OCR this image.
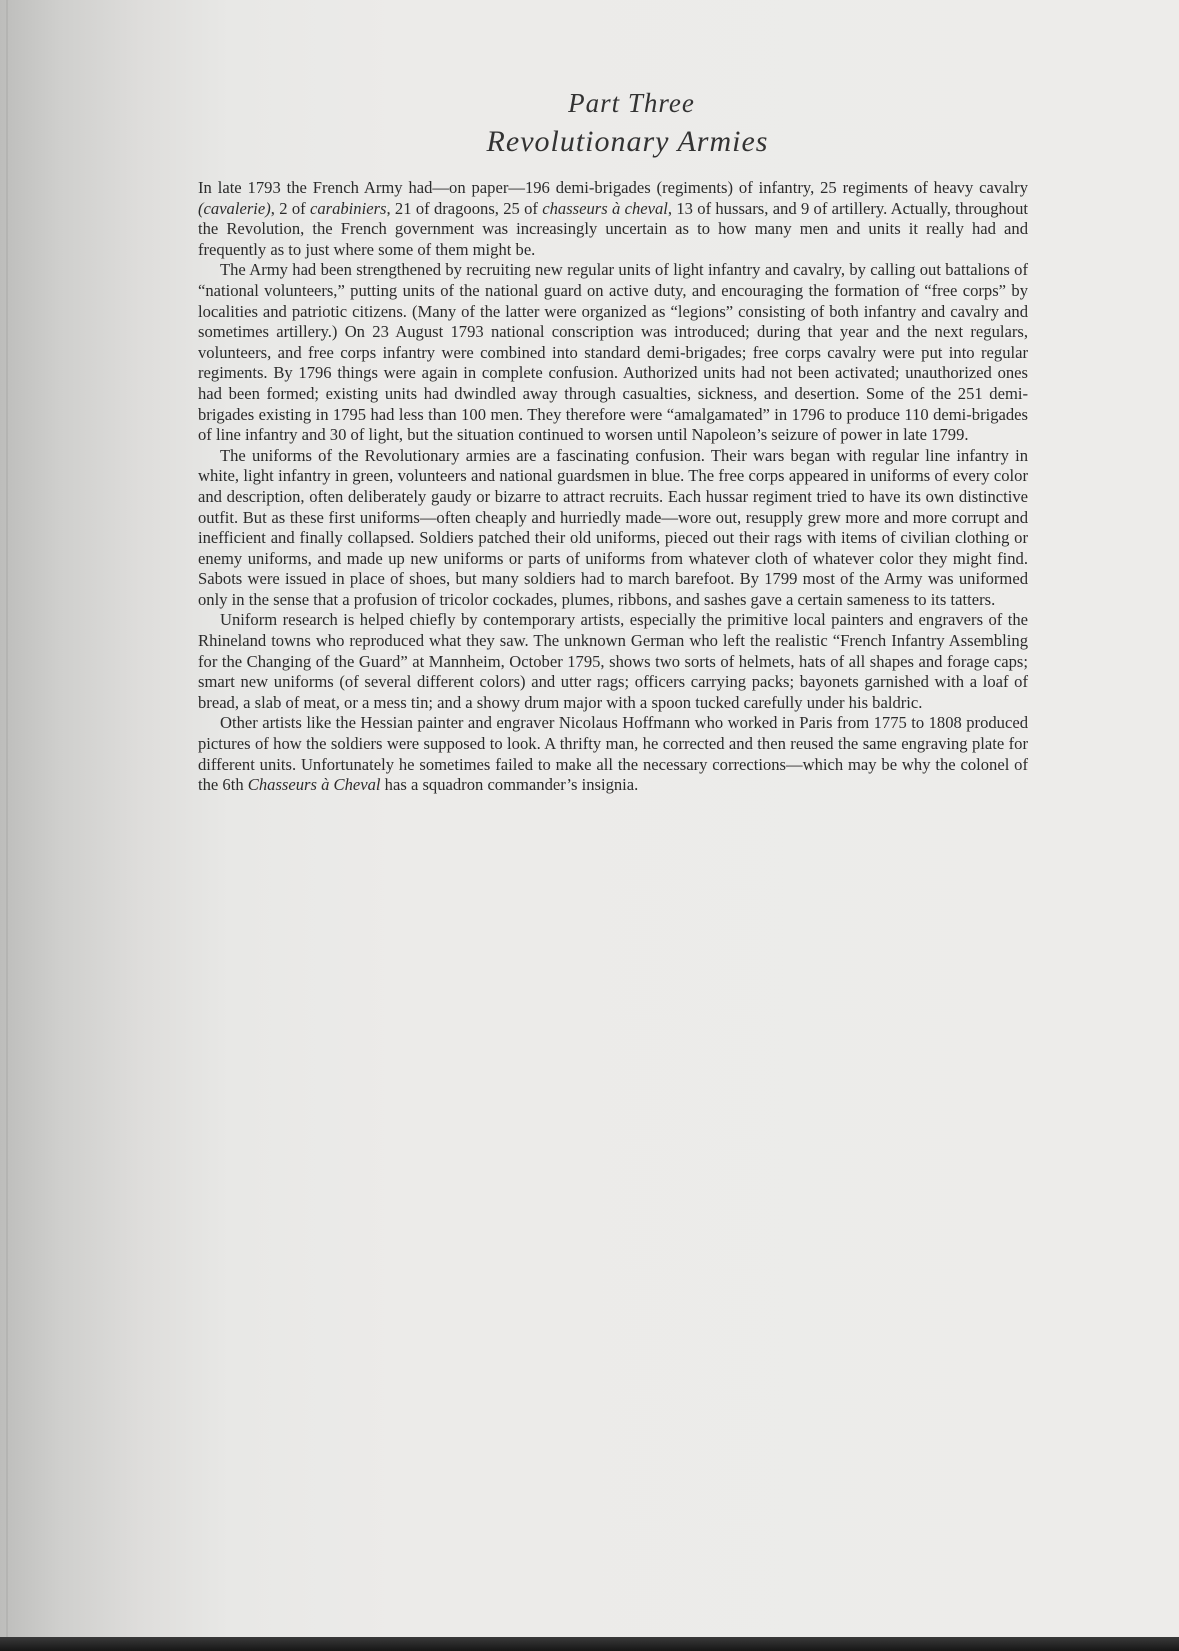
Part Three
Revolutionary Armies

In late 1793 the French Army had—on paper—196 demi-brigades (regiments) of infantry, 25 regiments of heavy cavalry (cavalerie), 2 of carabiniers, 21 of dragoons, 25 of chasseurs à cheval, 13 of hussars, and 9 of artillery. Actually, throughout the Revolution, the French government was increasingly uncertain as to how many men and units it really had and frequently as to just where some of them might be.

The Army had been strengthened by recruiting new regular units of light infantry and cavalry, by calling out battalions of “national volunteers,” putting units of the national guard on active duty, and encouraging the formation of “free corps” by localities and patriotic citizens. (Many of the latter were organized as “legions” consisting of both infantry and cavalry and sometimes artillery.) On 23 August 1793 national conscription was introduced; during that year and the next regulars, volunteers, and free corps infantry were combined into standard demi-brigades; free corps cavalry were put into regular regiments. By 1796 things were again in complete confusion. Authorized units had not been activated; unauthorized ones had been formed; existing units had dwindled away through casualties, sickness, and desertion. Some of the 251 demi-brigades existing in 1795 had less than 100 men. They therefore were “amalgamated” in 1796 to produce 110 demi-brigades of line infantry and 30 of light, but the situation continued to worsen until Napoleon’s seizure of power in late 1799.

The uniforms of the Revolutionary armies are a fascinating confusion. Their wars began with regular line infantry in white, light infantry in green, volunteers and national guardsmen in blue. The free corps appeared in uniforms of every color and description, often deliberately gaudy or bizarre to attract recruits. Each hussar regiment tried to have its own distinctive outfit. But as these first uniforms—often cheaply and hurriedly made—wore out, resupply grew more and more corrupt and inefficient and finally collapsed. Soldiers patched their old uniforms, pieced out their rags with items of civilian clothing or enemy uniforms, and made up new uniforms or parts of uniforms from whatever cloth of whatever color they might find. Sabots were issued in place of shoes, but many soldiers had to march barefoot. By 1799 most of the Army was uniformed only in the sense that a profusion of tricolor cockades, plumes, ribbons, and sashes gave a certain sameness to its tatters.

Uniform research is helped chiefly by contemporary artists, especially the primitive local painters and engravers of the Rhineland towns who reproduced what they saw. The unknown German who left the realistic “French Infantry Assembling for the Changing of the Guard” at Mannheim, October 1795, shows two sorts of helmets, hats of all shapes and forage caps; smart new uniforms (of several different colors) and utter rags; officers carrying packs; bayonets garnished with a loaf of bread, a slab of meat, or a mess tin; and a showy drum major with a spoon tucked carefully under his baldric.

Other artists like the Hessian painter and engraver Nicolaus Hoffmann who worked in Paris from 1775 to 1808 produced pictures of how the soldiers were supposed to look. A thrifty man, he corrected and then reused the same engraving plate for different units. Unfortunately he sometimes failed to make all the necessary corrections—which may be why the colonel of the 6th Chasseurs à Cheval has a squadron commander’s insignia.
